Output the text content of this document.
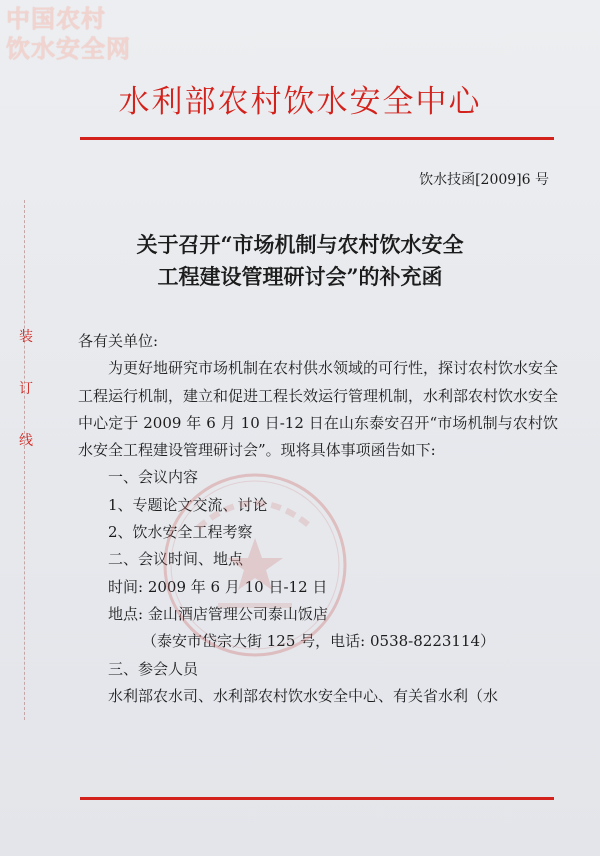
中国农村
饮水安全网
水利部农村饮水安全中心
饮水技函[2009]6 号
关于召开“市场机制与农村饮水安全
工程建设管理研讨会”的补充函
装
订
线

各有关单位:

为更好地研究市场机制在农村供水领域的可行性，探讨农村饮水安全工程运行机制，建立和促进工程长效运行管理机制，水利部农村饮水安全中心定于 2009 年 6 月 10 日-12 日在山东泰安召开“市场机制与农村饮水安全工程建设管理研讨会”。现将具体事项函告如下:

一、会议内容

1、专题论文交流、讨论

2、饮水安全工程考察

二、会议时间、地点

时间: 2009 年 6 月 10 日-12 日

地点: 金山酒店管理公司泰山饭店

（泰安市岱宗大街 125 号，电话: 0538-8223114）

三、参会人员

水利部农水司、水利部农村饮水安全中心、有关省水利（水
